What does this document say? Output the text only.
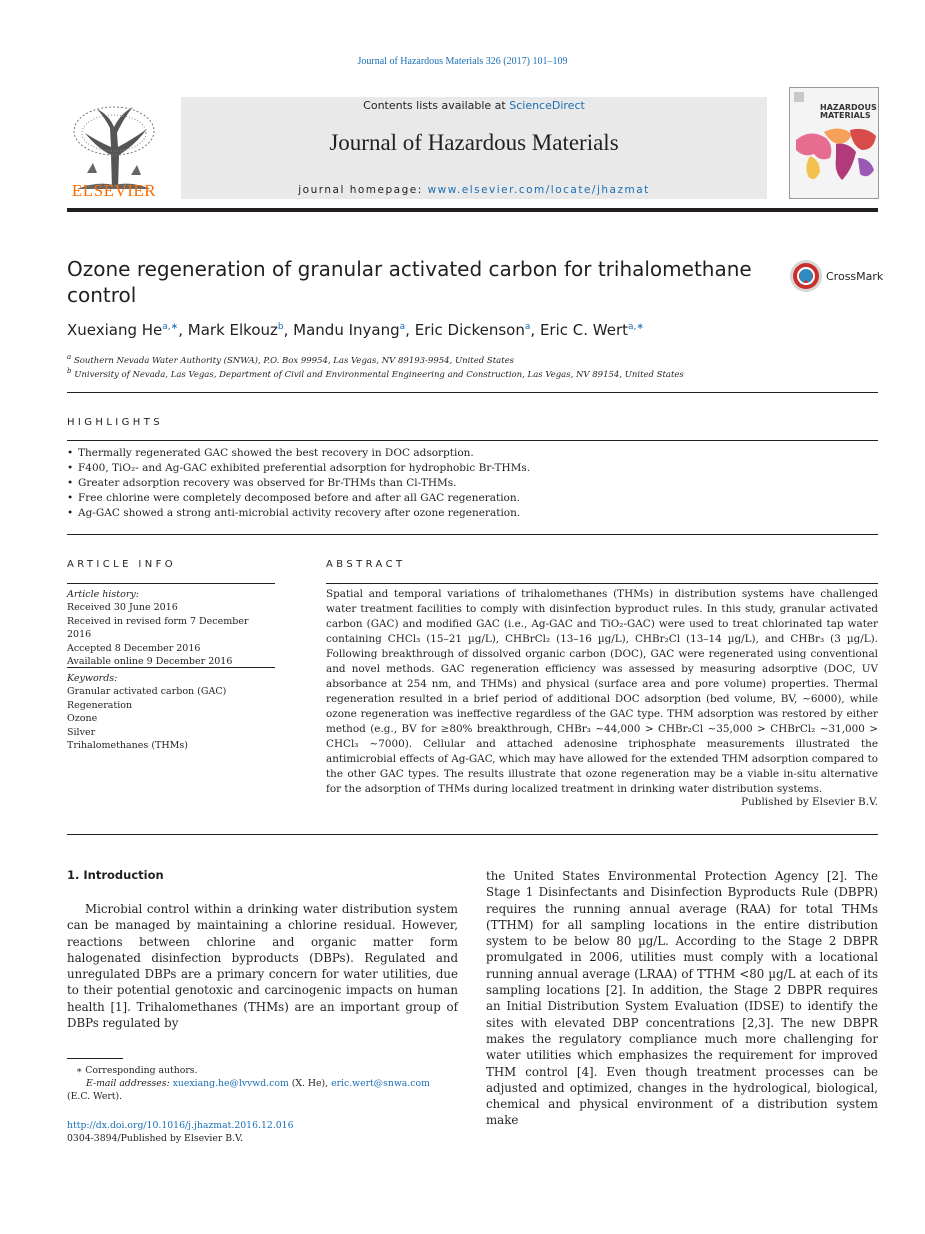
Journal of Hazardous Materials 326 (2017) 101–109
ELSEVIER
Contents lists available at ScienceDirect
Journal of Hazardous Materials
journal homepage: www.elsevier.com/locate/jhazmat
HAZARDOUS
MATERIALS
Ozone regeneration of granular activated carbon for trihalomethane control
CrossMark
Xuexiang $He^{a,∗}$, Mark Elkouz$^b$, Mandu Inyang$^a$, Eric Dickenson$^a$, Eric C. Wert$^{a,∗}$
$^a$ Southern Nevada Water Authority (SNWA), P.O. Box 99954, Las Vegas, NV 89193-9954, United States
$^b$ University of Nevada, Las Vegas, Department of Civil and Environmental Engineering and Construction, Las Vegas, NV 89154, United States
HIGHLIGHTS
• Thermally regenerated GAC showed the best recovery in DOC adsorption.
• F400, TiO₂- and Ag-GAC exhibited preferential adsorption for hydrophobic Br-THMs.
• Greater adsorption recovery was observed for Br-THMs than Cl-THMs.
• Free chlorine were completely decomposed before and after all GAC regeneration.
• Ag-GAC showed a strong anti-microbial activity recovery after ozone regeneration.
ARTICLE INFO
Article history:
Received 30 June 2016
Received in revised form 7 December 2016
Accepted 8 December 2016
Available online 9 December 2016
Keywords:
Granular activated carbon (GAC)
Regeneration
Ozone
Silver
Trihalomethanes (THMs)
ABSTRACT
Spatial and temporal variations of trihalomethanes (THMs) in distribution systems have challenged water treatment facilities to comply with disinfection byproduct rules. In this study, granular activated carbon (GAC) and modified GAC (i.e., Ag-GAC and TiO₂-GAC) were used to treat chlorinated tap water containing CHCl₃ (15–21 µg/L), CHBrCl₂ (13–16 µg/L), CHBr₂Cl (13–14 µg/L), and CHBr₃ (3 µg/L). Following breakthrough of dissolved organic carbon (DOC), GAC were regenerated using conventional and novel methods. GAC regeneration efficiency was assessed by measuring adsorptive (DOC, UV absorbance at 254 nm, and THMs) and physical (surface area and pore volume) properties. Thermal regeneration resulted in a brief period of additional DOC adsorption (bed volume, BV, ∼6000), while ozone regeneration was ineffective regardless of the GAC type. THM adsorption was restored by either method (e.g., BV for ≥80% breakthrough, CHBr₃ ∼44,000 > CHBr₂Cl ∼35,000 > CHBrCl₂ ∼31,000 > CHCl₃ ∼7000). Cellular and attached adenosine triphosphate measurements illustrated the antimicrobial effects of Ag-GAC, which may have allowed for the extended THM adsorption compared to the other GAC types. The results illustrate that ozone regeneration may be a viable in-situ alternative for the adsorption of THMs during localized treatment in drinking water distribution systems.
Published by Elsevier B.V.
1. Introduction
Microbial control within a drinking water distribution system can be managed by maintaining a chlorine residual. However, reactions between chlorine and organic matter form halogenated disinfection byproducts (DBPs). Regulated and unregulated DBPs are a primary concern for water utilities, due to their potential genotoxic and carcinogenic impacts on human health [1]. Trihalomethanes (THMs) are an important group of DBPs regulated by
the United States Environmental Protection Agency [2]. The Stage 1 Disinfectants and Disinfection Byproducts Rule (DBPR) requires the running annual average (RAA) for total THMs (TTHM) for all sampling locations in the entire distribution system to be below 80 µg/L. According to the Stage 2 DBPR promulgated in 2006, utilities must comply with a locational running annual average (LRAA) of TTHM <80 µg/L at each of its sampling locations [2]. In addition, the Stage 2 DBPR requires an Initial Distribution System Evaluation (IDSE) to identify the sites with elevated DBP concentrations [2,3]. The new DBPR makes the regulatory compliance much more challenging for water utilities which emphasizes the requirement for improved THM control [4]. Even though treatment processes can be adjusted and optimized, changes in the hydrological, biological, chemical and physical environment of a distribution system make
∗ Corresponding authors.
E-mail addresses: xuexiang.he@lvvwd.com (X. He), eric.wert@snwa.com
(E.C. Wert).
http://dx.doi.org/10.1016/j.jhazmat.2016.12.016
0304-3894/Published by Elsevier B.V.
